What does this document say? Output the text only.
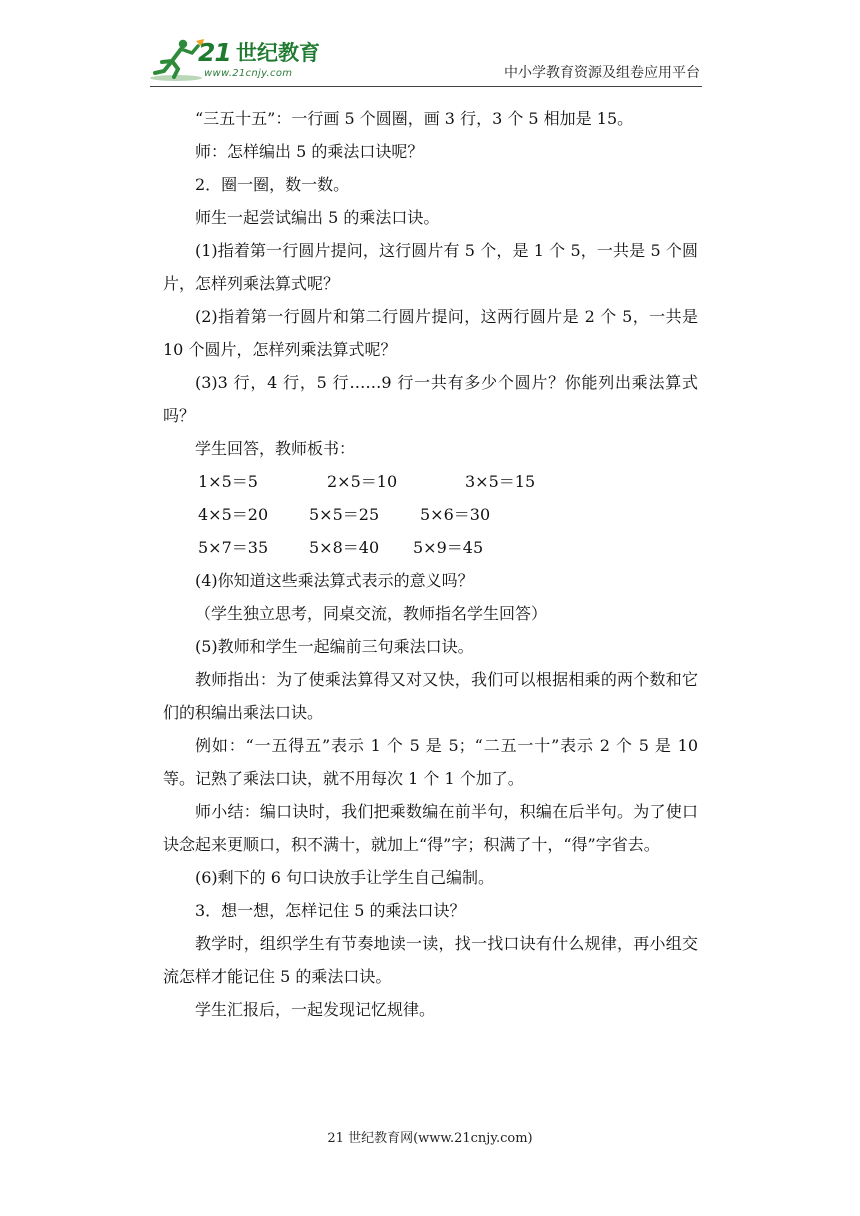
21 世纪教育
www.21cnjy.com	中小学教育资源及组卷应用平台

“三五十五”：一行画 5 个圆圈，画 3 行，3 个 5 相加是 15。

师：怎样编出 5 的乘法口诀呢？

2．圈一圈，数一数。

师生一起尝试编出 5 的乘法口诀。

(1)指着第一行圆片提问，这行圆片有 5 个，是 1 个 5，一共是 5 个圆片，怎样列乘法算式呢？

(2)指着第一行圆片和第二行圆片提问，这两行圆片是 2 个 5，一共是 10 个圆片，怎样列乘法算式呢？

(3)3 行，4 行，5 行……9 行一共有多少个圆片？你能列出乘法算式吗？

学生回答，教师板书：

1×5＝5	2×5＝10	3×5＝15
4×5＝20	5×5＝25	5×6＝30
5×7＝35	5×8＝40 5×9＝45

(4)你知道这些乘法算式表示的意义吗？

（学生独立思考，同桌交流，教师指名学生回答）

(5)教师和学生一起编前三句乘法口诀。

教师指出：为了使乘法算得又对又快，我们可以根据相乘的两个数和它们的积编出乘法口诀。

例如：“一五得五”表示 1 个 5 是 5；“二五一十”表示 2 个 5 是 10 等。记熟了乘法口诀，就不用每次 1 个 1 个加了。

师小结：编口诀时，我们把乘数编在前半句，积编在后半句。为了使口诀念起来更顺口，积不满十，就加上“得”字；积满了十，“得”字省去。

(6)剩下的 6 句口诀放手让学生自己编制。

3．想一想，怎样记住 5 的乘法口诀？

教学时，组织学生有节奏地读一读，找一找口诀有什么规律，再小组交流怎样才能记住 5 的乘法口诀。

学生汇报后，一起发现记忆规律。

21 世纪教育网(www.21cnjy.com)
